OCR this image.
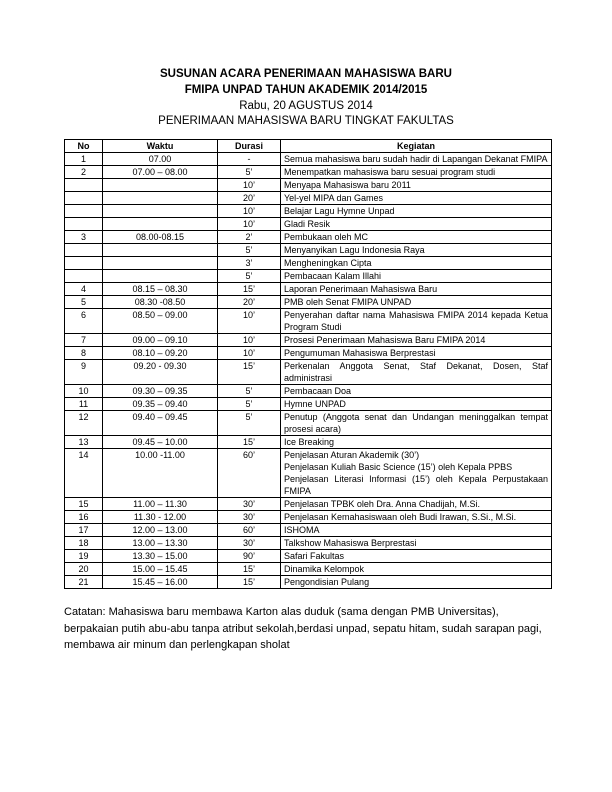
SUSUNAN ACARA PENERIMAAN MAHASISWA BARU
FMIPA UNPAD TAHUN AKADEMIK 2014/2015
Rabu, 20 AGUSTUS 2014
PENERIMAAN MAHASISWA BARU TINGKAT FAKULTAS
No	Waktu	Durasi	Kegiatan
1	07.00	-	Semua mahasiswa baru sudah hadir di Lapangan Dekanat FMIPA

2	07.00 – 08.00	5’	Menempatkan mahasiswa baru sesuai program studi

		10’	Menyapa Mahasiswa baru 2011

		20’	Yel-yel MIPA dan Games

		10’	Belajar Lagu Hymne Unpad

		10’	Gladi Resik

3	08.00-08.15	2’	Pembukaan oleh MC

		5’	Menyanyikan Lagu Indonesia Raya

		3’	Mengheningkan Cipta

		5’	Pembacaan Kalam Illahi

4	08.15 – 08.30	15’	Laporan Penerimaan Mahasiswa Baru

5	08.30 -08.50	20’	PMB oleh Senat FMIPA UNPAD

6	08.50 – 09.00	10’	Penyerahan daftar nama Mahasiswa FMIPA 2014 kepada Ketua Program Studi

7	09.00 – 09.10	10’	Prosesi Penerimaan Mahasiswa Baru FMIPA 2014

8	08.10 – 09.20	10’	Pengumuman Mahasiswa Berprestasi

9	09.20 - 09.30	15’	Perkenalan Anggota Senat, Staf Dekanat, Dosen, Staf administrasi

10	09.30 – 09.35	5’	Pembacaan Doa

11	09.35 – 09.40	5’	Hymne UNPAD

12	09.40 – 09.45	5’	Penutup (Anggota senat dan Undangan meninggalkan tempat prosesi acara)

13	09.45 – 10.00	15’	Ice Breaking

14	10.00 -11.00	60’	Penjelasan Aturan Akademik (30’)
Penjelasan Kuliah Basic Science (15’) oleh Kepala PPBS
Penjelasan Literasi Informasi (15’) oleh Kepala Perpustakaan FMIPA

15	11.00 – 11.30	30’	Penjelasan TPBK oleh Dra. Anna Chadijah, M.Si.

16	11.30 - 12.00	30’	Penjelasan Kemahasiswaan oleh Budi Irawan, S.Si., M.Si.

17	12.00 – 13.00	60’	ISHOMA

18	13.00 – 13.30	30’	Talkshow Mahasiswa Berprestasi

19	13.30 – 15.00	90’	Safari Fakultas

20	15.00 – 15.45	15’	Dinamika Kelompok

21	15.45 – 16.00	15’	Pengondisian Pulang
Catatan: Mahasiswa baru membawa Karton alas duduk (sama dengan PMB Universitas), berpakaian putih abu-abu tanpa atribut sekolah,berdasi unpad, sepatu hitam, sudah sarapan pagi, membawa air minum dan perlengkapan sholat
